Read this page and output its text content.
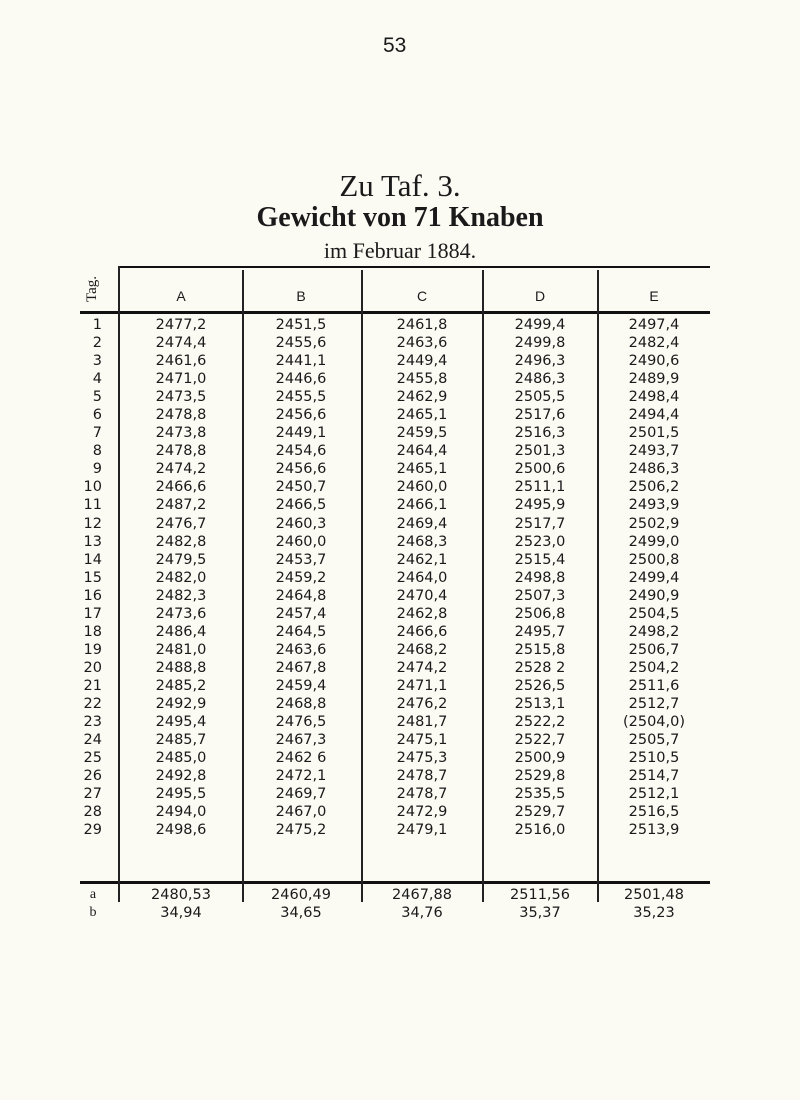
53
Zu Taf. 3.
Gewicht von 71 Knaben
im Februar 1884.
Tag.	A	B	C	D	E
1	2477,2	2451,5	2461,8	2499,4	2497,4
2	2474,4	2455,6	2463,6	2499,8	2482,4
3	2461,6	2441,1	2449,4	2496,3	2490,6
4	2471,0	2446,6	2455,8	2486,3	2489,9
5	2473,5	2455,5	2462,9	2505,5	2498,4
6	2478,8	2456,6	2465,1	2517,6	2494,4
7	2473,8	2449,1	2459,5	2516,3	2501,5
8	2478,8	2454,6	2464,4	2501,3	2493,7
9	2474,2	2456,6	2465,1	2500,6	2486,3
10	2466,6	2450,7	2460,0	2511,1	2506,2
11	2487,2	2466,5	2466,1	2495,9	2493,9
12	2476,7	2460,3	2469,4	2517,7	2502,9
13	2482,8	2460,0	2468,3	2523,0	2499,0
14	2479,5	2453,7	2462,1	2515,4	2500,8
15	2482,0	2459,2	2464,0	2498,8	2499,4
16	2482,3	2464,8	2470,4	2507,3	2490,9
17	2473,6	2457,4	2462,8	2506,8	2504,5
18	2486,4	2464,5	2466,6	2495,7	2498,2
19	2481,0	2463,6	2468,2	2515,8	2506,7
20	2488,8	2467,8	2474,2	2528 2	2504,2
21	2485,2	2459,4	2471,1	2526,5	2511,6
22	2492,9	2468,8	2476,2	2513,1	2512,7
23	2495,4	2476,5	2481,7	2522,2	(2504,0)
24	2485,7	2467,3	2475,1	2522,7	2505,7
25	2485,0	2462 6	2475,3	2500,9	2510,5
26	2492,8	2472,1	2478,7	2529,8	2514,7
27	2495,5	2469,7	2478,7	2535,5	2512,1
28	2494,0	2467,0	2472,9	2529,7	2516,5
29	2498,6	2475,2	2479,1	2516,0	2513,9
a	2480,53	2460,49	2467,88	2511,56	2501,48
b	34,94	34,65	34,76	35,37	35,23
